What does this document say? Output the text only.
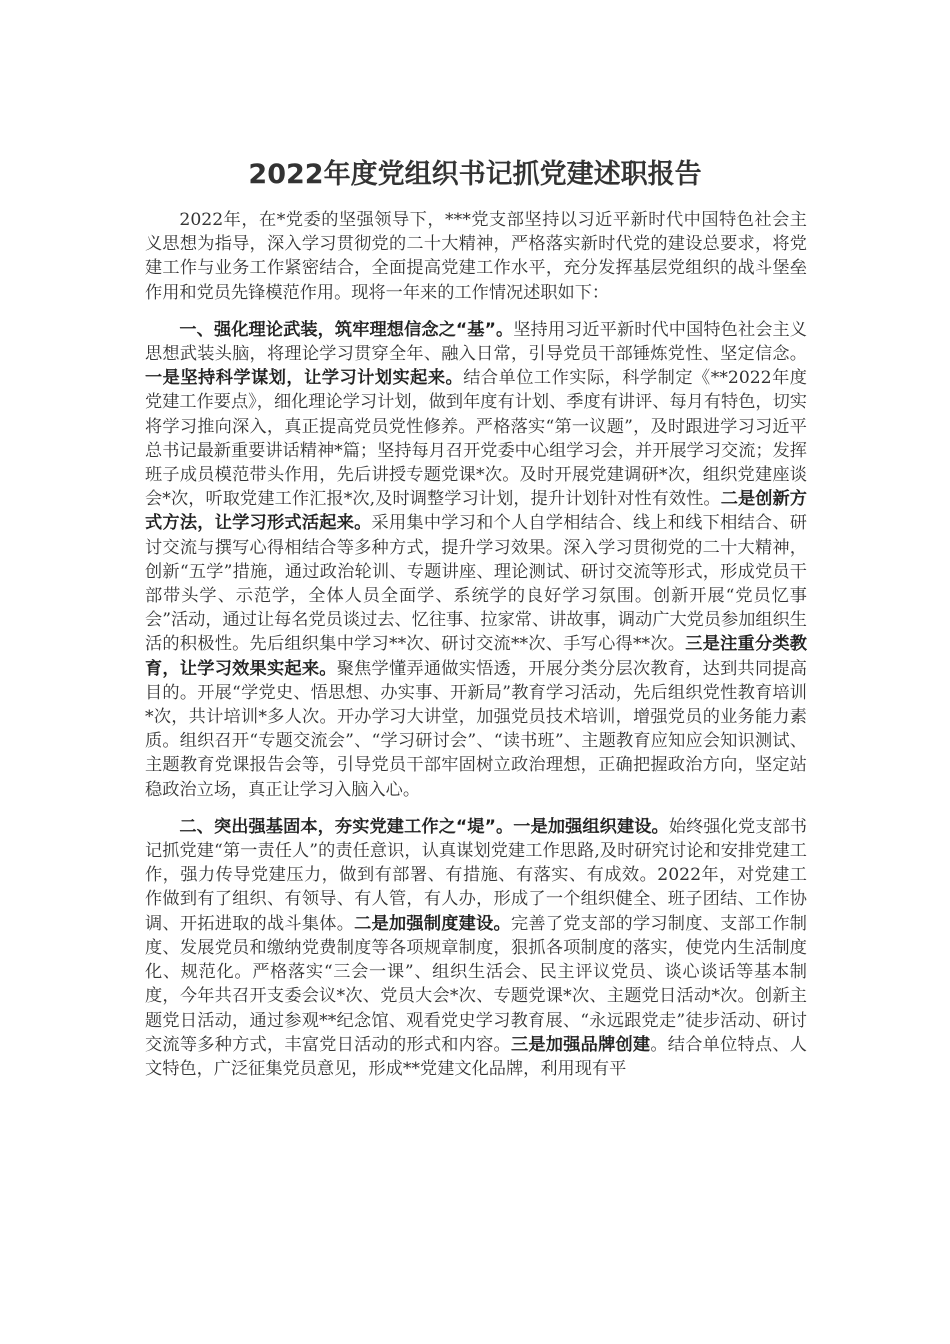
2022年度党组织书记抓党建述职报告

2022年，在*党委的坚强领导下，***党支部坚持以习近平新时代中国特色社会主义思想为指导，深入学习贯彻党的二十大精神，严格落实新时代党的建设总要求，将党建工作与业务工作紧密结合，全面提高党建工作水平，充分发挥基层党组织的战斗堡垒作用和党员先锋模范作用。现将一年来的工作情况述职如下：

一、强化理论武装，筑牢理想信念之“基”。坚持用习近平新时代中国特色社会主义思想武装头脑，将理论学习贯穿全年、融入日常，引导党员干部锤炼党性、坚定信念。一是坚持科学谋划，让学习计划实起来。结合单位工作实际，科学制定《**2022年度党建工作要点》，细化理论学习计划，做到年度有计划、季度有讲评、每月有特色，切实将学习推向深入，真正提高党员党性修养。严格落实“第一议题”，及时跟进学习习近平总书记最新重要讲话精神*篇；坚持每月召开党委中心组学习会，并开展学习交流；发挥班子成员模范带头作用，先后讲授专题党课*次。及时开展党建调研*次，组织党建座谈会*次，听取党建工作汇报*次,及时调整学习计划，提升计划针对性有效性。二是创新方式方法，让学习形式活起来。采用集中学习和个人自学相结合、线上和线下相结合、研讨交流与撰写心得相结合等多种方式，提升学习效果。深入学习贯彻党的二十大精神，创新“五学”措施，通过政治轮训、专题讲座、理论测试、研讨交流等形式，形成党员干部带头学、示范学，全体人员全面学、系统学的良好学习氛围。创新开展“党员忆事会”活动，通过让每名党员谈过去、忆往事、拉家常、讲故事，调动广大党员参加组织生活的积极性。先后组织集中学习**次、研讨交流**次、手写心得**次。三是注重分类教育，让学习效果实起来。聚焦学懂弄通做实悟透，开展分类分层次教育，达到共同提高目的。开展“学党史、悟思想、办实事、开新局”教育学习活动，先后组织党性教育培训*次，共计培训*多人次。开办学习大讲堂，加强党员技术培训，增强党员的业务能力素质。组织召开“专题交流会”、“学习研讨会”、“读书班”、主题教育应知应会知识测试、主题教育党课报告会等，引导党员干部牢固树立政治理想，正确把握政治方向，坚定站稳政治立场，真正让学习入脑入心。

二、突出强基固本，夯实党建工作之“堤”。一是加强组织建设。始终强化党支部书记抓党建“第一责任人”的责任意识，认真谋划党建工作思路,及时研究讨论和安排党建工作，强力传导党建压力，做到有部署、有措施、有落实、有成效。2022年，对党建工作做到有了组织、有领导、有人管，有人办，形成了一个组织健全、班子团结、工作协调、开拓进取的战斗集体。二是加强制度建设。完善了党支部的学习制度、支部工作制度、发展党员和缴纳党费制度等各项规章制度，狠抓各项制度的落实，使党内生活制度化、规范化。严格落实“三会一课”、组织生活会、民主评议党员、谈心谈话等基本制度，今年共召开支委会议*次、党员大会*次、专题党课*次、主题党日活动*次。创新主题党日活动，通过参观**纪念馆、观看党史学习教育展、“永远跟党走”徒步活动、研讨交流等多种方式，丰富党日活动的形式和内容。三是加强品牌创建。结合单位特点、人文特色，广泛征集党员意见，形成**党建文化品牌，利用现有平
